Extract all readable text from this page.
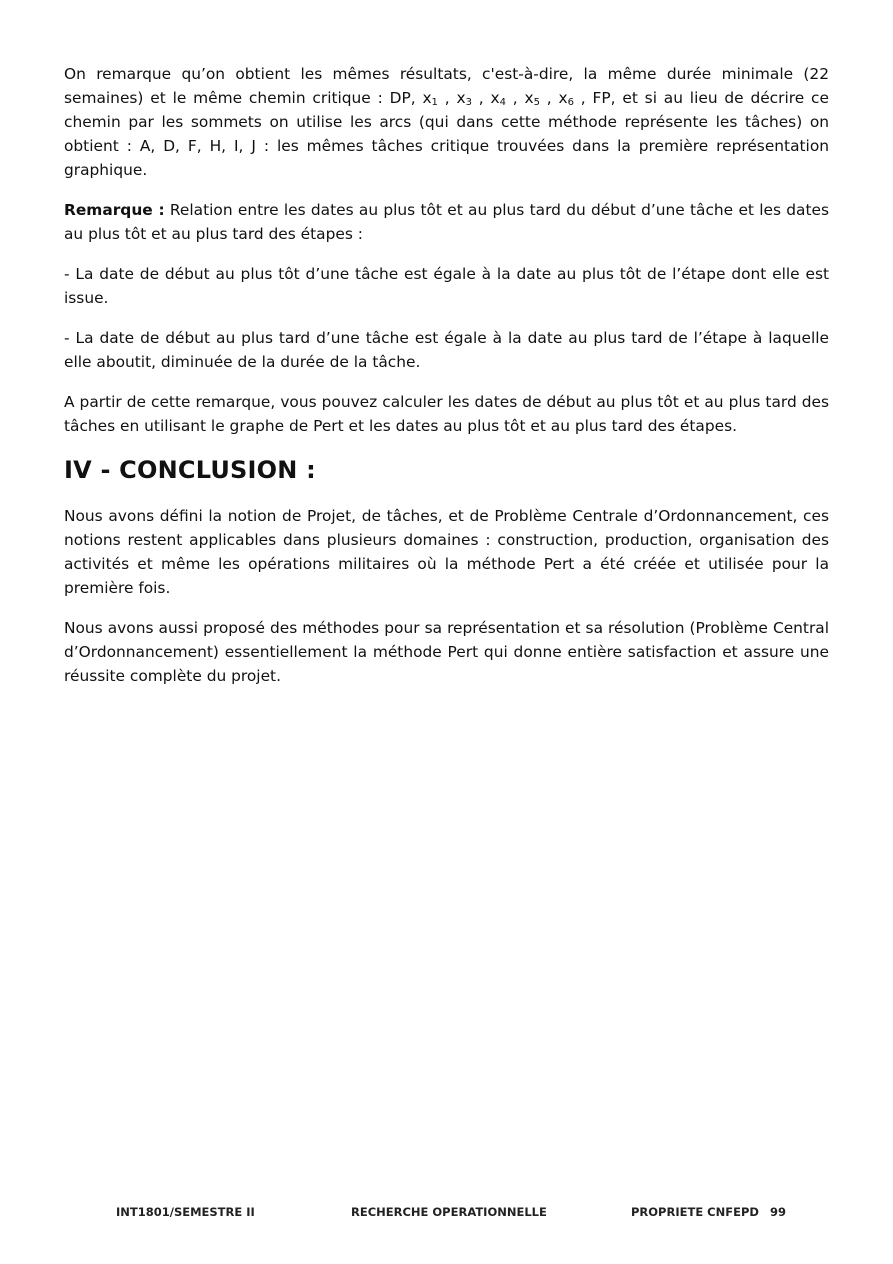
On remarque qu’on obtient les mêmes résultats, c'est-à-dire, la même durée minimale (22 semaines) et le même chemin critique : DP, $x_1$ , $x_3$ , $x_4$ , $x_5$ , $x_6$ , FP, et si au lieu de décrire ce chemin par les sommets on utilise les arcs (qui dans cette méthode représente les tâches) on obtient : A, D, F, H, I, J : les mêmes tâches critique trouvées dans la première représentation graphique.

Remarque : Relation entre les dates au plus tôt et au plus tard du début d’une tâche et les dates au plus tôt et au plus tard des étapes :

- La date de début au plus tôt d’une tâche est égale à la date au plus tôt de l’étape dont elle est issue.

- La date de début au plus tard d’une tâche est égale à la date au plus tard de l’étape à laquelle elle aboutit, diminuée de la durée de la tâche.

A partir de cette remarque, vous pouvez calculer les dates de début au plus tôt et au plus tard des tâches en utilisant le graphe de Pert et les dates au plus tôt et au plus tard des étapes.

IV - CONCLUSION :

Nous avons défini la notion de Projet, de tâches, et de Problème Centrale d’Ordonnancement, ces notions restent applicables dans plusieurs domaines : construction, production, organisation des activités et même les opérations militaires où la méthode Pert a été créée et utilisée pour la première fois.

Nous avons aussi proposé des méthodes pour sa représentation et sa résolution (Problème Central d’Ordonnancement) essentiellement la méthode Pert qui donne entière satisfaction et assure une réussite complète du projet.

INT1801/SEMESTRE II	RECHERCHE OPERATIONNELLE	PROPRIETE CNFEPD 99
